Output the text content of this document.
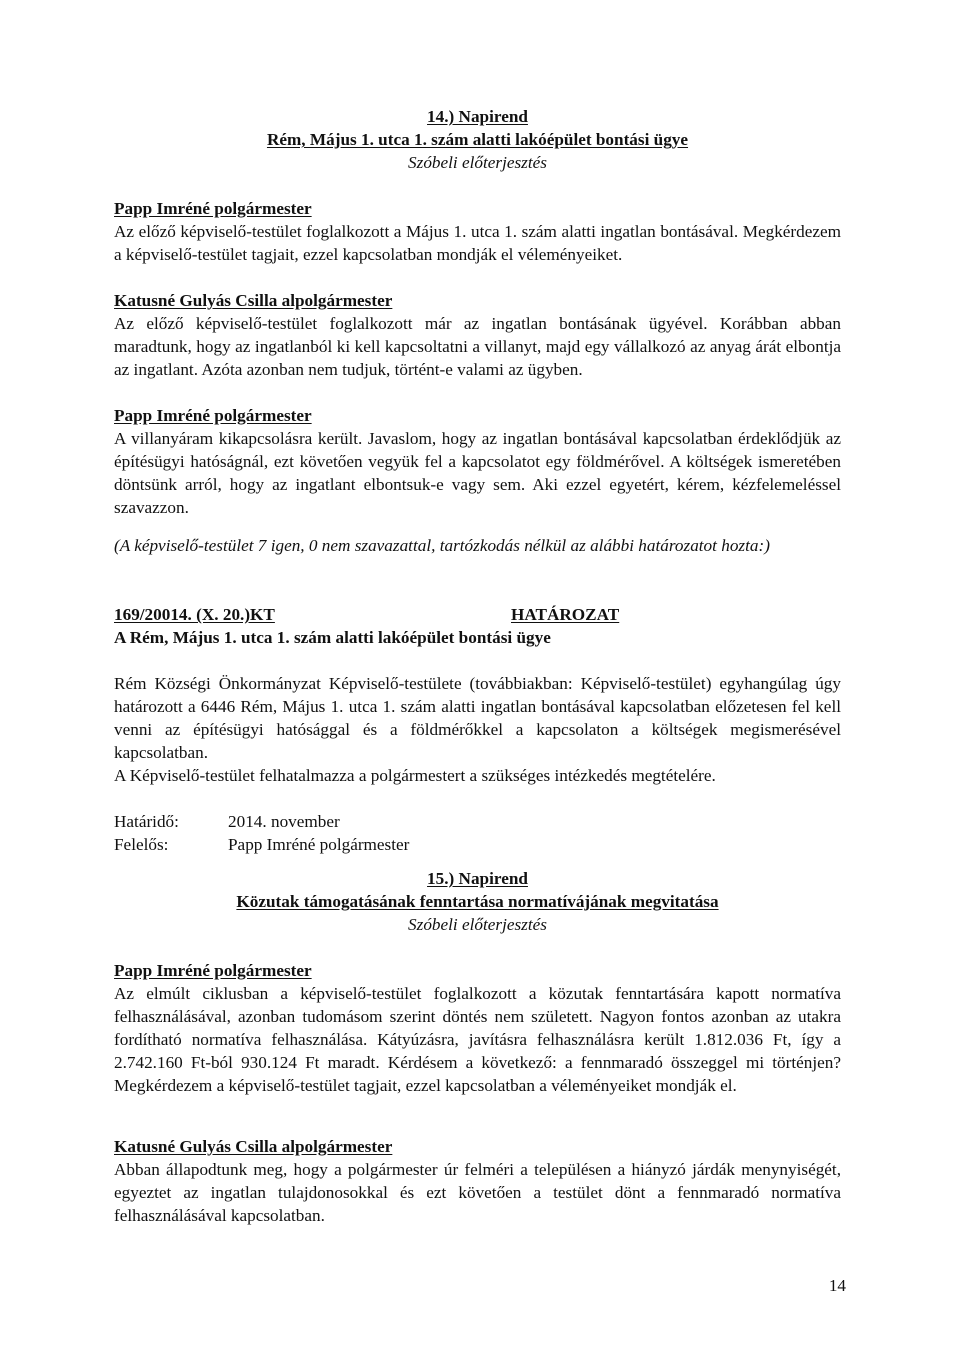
14.) Napirend
Rém, Május 1. utca 1. szám alatti lakóépület bontási ügye
Szóbeli előterjesztés

Papp Imréné polgármester

Az előző képviselő-testület foglalkozott a Május 1. utca 1. szám alatti ingatlan bontásával. Megkérdezem a képviselő-testület tagjait, ezzel kapcsolatban mondják el véleményeiket.

Katusné Gulyás Csilla alpolgármester

Az előző képviselő-testület foglalkozott már az ingatlan bontásának ügyével. Korábban abban maradtunk, hogy az ingatlanból ki kell kapcsoltatni a villanyt, majd egy vállalkozó az anyag árát elbontja az ingatlant. Azóta azonban nem tudjuk, történt-e valami az ügyben.

Papp Imréné polgármester

A villanyáram kikapcsolásra került. Javaslom, hogy az ingatlan bontásával kapcsolatban érdeklődjük az építésügyi hatóságnál, ezt követően vegyük fel a kapcsolatot egy földmérővel. A költségek ismeretében döntsünk arról, hogy az ingatlant elbontsuk-e vagy sem. Aki ezzel egyetért, kérem, kézfelemeléssel szavazzon.

(A képviselő-testület 7 igen, 0 nem szavazattal, tartózkodás nélkül az alábbi határozatot hozta:)
169/20014. (X. 20.)KT	HATÁROZAT
A Rém, Május 1. utca 1. szám alatti lakóépület bontási ügye
Rém Községi Önkormányzat Képviselő-testülete (továbbiakban: Képviselő-testület) egyhangúlag úgy határozott a 6446 Rém, Május 1. utca 1. szám alatti ingatlan bontásával kapcsolatban előzetesen fel kell venni az építésügyi hatósággal és a földmérőkkel a kapcsolaton a költségek megismerésével kapcsolatban.
A Képviselő-testület felhatalmazza a polgármestert a szükséges intézkedés megtételére.
Határidő:	2014. november
Felelős:	Papp Imréné polgármester
15.) Napirend
Közutak támogatásának fenntartása normatívájának megvitatása
Szóbeli előterjesztés

Papp Imréné polgármester

Az elmúlt ciklusban a képviselő-testület foglalkozott a közutak fenntartására kapott normatíva felhasználásával, azonban tudomásom szerint döntés nem született. Nagyon fontos azonban az utakra fordítható normatíva felhasználása. Kátyúzásra, javításra felhasználásra került 1.812.036 Ft, így a 2.742.160 Ft-ból 930.124 Ft maradt. Kérdésem a következő: a fennmaradó összeggel mi történjen? Megkérdezem a képviselő-testület tagjait, ezzel kapcsolatban a véleményeiket mondják el.

Katusné Gulyás Csilla alpolgármester

Abban állapodtunk meg, hogy a polgármester úr felméri a településen a hiányzó járdák menynyiségét, egyeztet az ingatlan tulajdonosokkal és ezt követően a testület dönt a fennmaradó normatíva felhasználásával kapcsolatban.

14
